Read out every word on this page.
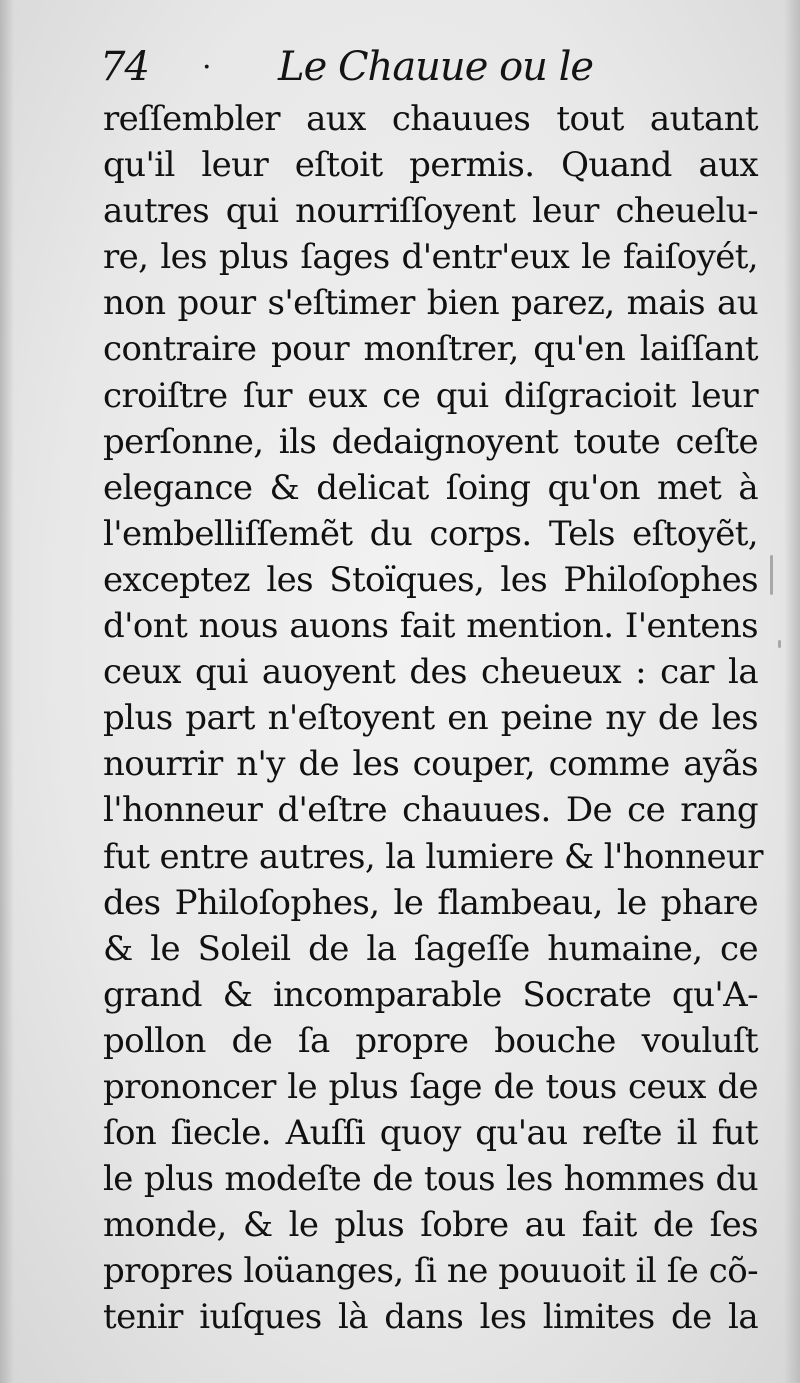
74 · Le Chauue ou le
reſſembler aux chauues tout autant
qu'il leur eſtoit permis. Quand aux
autres qui nourriſſoyent leur cheuelu-
re, les plus ſages d'entr'eux le faiſoyét,
non pour s'eſtimer bien parez, mais au
contraire pour monſtrer, qu'en laiſſant
croiſtre ſur eux ce qui diſgracioit leur
perſonne, ils dedaignoyent toute ceſte
elegance & delicat ſoing qu'on met à
l'embelliſſemẽt du corps. Tels eſtoyẽt,
exceptez les Stoïques, les Philoſophes
d'ont nous auons fait mention. I'entens
ceux qui auoyent des cheueux : car la
plus part n'eſtoyent en peine ny de les
nourrir n'y de les couper, comme ayãs
l'honneur d'eſtre chauues. De ce rang
fut entre autres, la lumiere & l'honneur
des Philoſophes, le flambeau, le phare
& le Soleil de la ſageſſe humaine, ce
grand & incomparable Socrate qu'A-
pollon de ſa propre bouche vouluſt
prononcer le plus ſage de tous ceux de
ſon ſiecle. Auſſi quoy qu'au reſte il fut
le plus modeſte de tous les hommes du
monde, & le plus ſobre au fait de ſes
propres loüanges, ſi ne pouuoit il ſe cõ-
tenir iuſques là dans les limites de la
